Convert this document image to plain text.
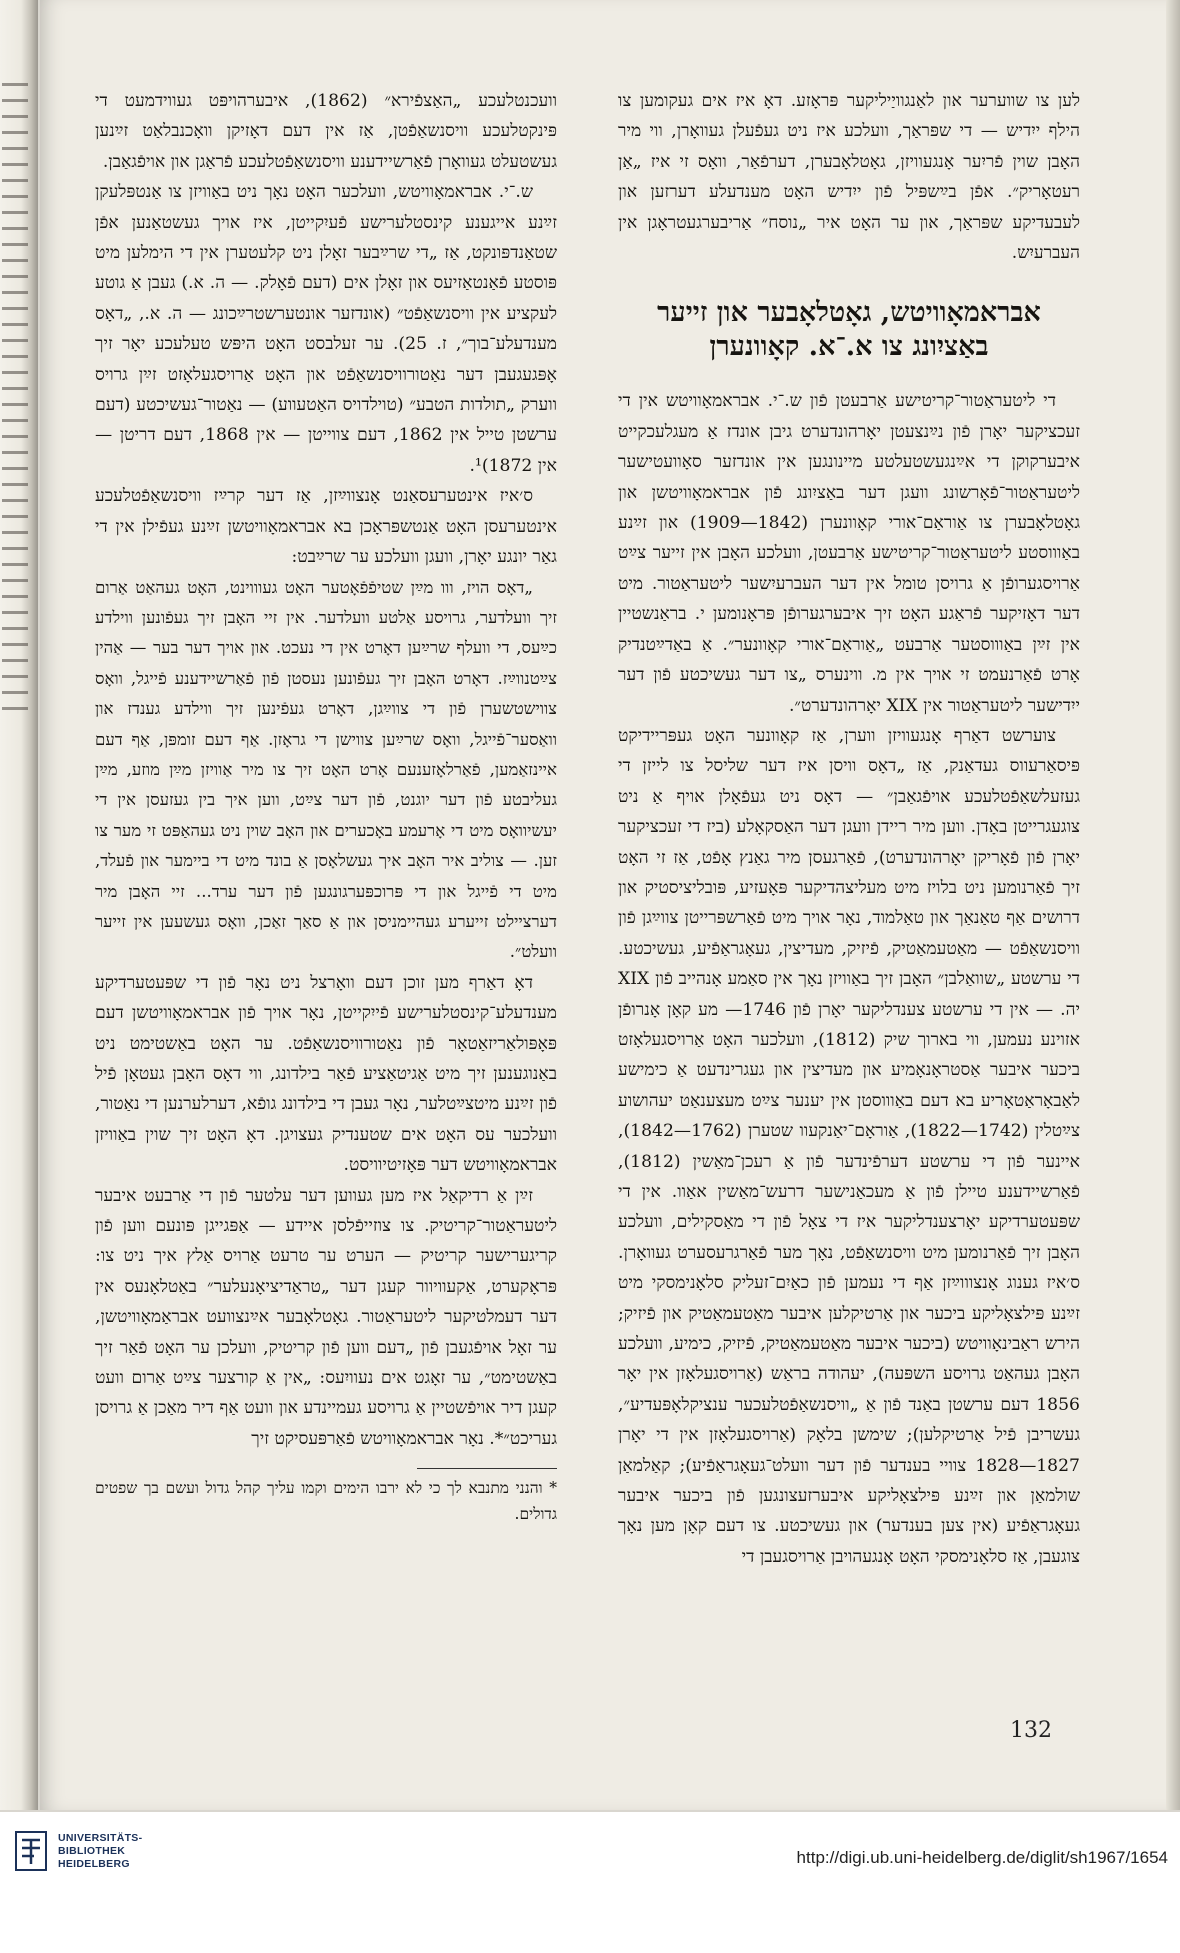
לען צו שווערער און לאַנגוויַיליקער פּראָזע. דאָ איז אים געקומען צו הילף ייִדיש — די שפּראַך, וועלכע איז ניט געפֿעלן געוואָרן, ווי מיר האָבן שוין פֿריִער אָנגעוויזן, גאָטלאָבערן, דערפֿאַר, וואָס זי איז „אַן רעטאָריק״. אפֿן בײַשפּיל פֿון ייִדיש האָט מענדעלע דערזען און לעבעדיקע שפּראַך, און ער האָט איר „נוסח״ אַריבערגעטראָגן אין העברעיִש.

אבראמאָוויטש, גאָטלאָבער און זייער באַציִונג צו א.־א. קאָוונערן

די ליטעראַטור־קריטישע אַרבעטן פֿון ש.־י. אבראמאָוויטש אין די זעכציקער יאָרן פֿון נײַנצעטן יאָרהונדערט גיבן אונדז אַ מעגלעכקייט איבערקוקן די אײַנגעשטעלטע מיינונגען אין אונדזער סאָוועטישער ליטעראַטור־פֿאָרשונג וועגן דער באַציִונג פֿון אבראמאָוויטשן און גאָטלאָבערן צו אַוראַם־אורי קאָוונערן (1842—1909) און זײַנע באַוווסטע ליטעראַטור־קריטישע אַרבעטן, וועלכע האָבן אין זייער צײַט אַרויסגערופֿן אַ גרויסן טומל אין דער העברעיִשער ליטעראַטור. מיט דער דאָזיקער פֿראַגע האָט זיך איבערגערופֿן פּראָנומען י. בראַנשטיין אין זײַן באַוווסטער אַרבעט „אַוראַם־אורי קאָוונער״. אַ באַדײַטנדיק אָרט פֿאַרנעמט זי אויך אין מ. ווינערס „צו דער געשיכטע פֿון דער ייִדישער ליטעראַטור אין XIX יאָרהונדערט״.

צוערשט דאַרף אָנגעוויזן ווערן, אַז קאָוונער האָט געפּריידיקט פּיסאַרעווס געדאַנק, אַז „דאָס וויסן איז דער שליסל צו לייזן די געזעלשאַפֿטלעכע אויפֿגאַבן״ — דאָס ניט געפֿאָלן אויף אַ ניט צוגעגרייטן באָדן. ווען מיר ריידן וועגן דער האַסקאָלע (ביז די זעכציקער יאָרן פֿון פֿאָריקן יאָרהונדערט), פֿאַרגעסן מיר גאַנץ אָפֿט, אַז זי האָט זיך פֿאַרנומען ניט בלויז מיט מעליצהדיקער פּאָעזיע, פּובליציסטיק און דרושים אַף טאַנאַך און טאַלמוד, נאָר אויך מיט פֿאַרשפּרייטן צווײַגן פֿון וויסנשאַפֿט — מאַטעמאַטיק, פֿיזיק, מעדיצין, געאָגראַפֿיע, געשיכטע. די ערשטע „שוואַלבן״ האָבן זיך באַוויזן נאָך אין סאַמע אָנהייב פֿון XIX יה. — אין די ערשטע צענדליקער יאָרן פֿון 1746— מע קאָן אָנרופֿן אזוינע נעמען, ווי בארוך שיק (1812), וועלכער האָט אַרויסגעלאָזט ביכער איבער אַסטראָנאָמיע און מעדיצין און געגרינדעט אַ כימישע לאַבאָראַטאָריע בא דעם באַוווסטן אין יענער צײַט מעצענאַט יעהושוע צײַטלין (1742—1822), אַוראָם־יאַנקעוו שטערן (1762—1842), איינער פֿון די ערשטע דערפֿינדער פֿון אַ רעכן־מאַשין (1812), פֿאַרשיידענע טיילן פֿון אַ מעכאַנישער דרעש־מאַשין אאַוו. אין די שפּעטערדיקע יאָרצענדליקער איז די צאָל פֿון די מאַסקילים, וועלכע האָבן זיך פֿאַרנומען מיט וויסנשאַפֿט, נאָך מער פֿאַרגרעסערט געוואָרן. ס׳איז גענוג אָנצוווײַזן אַף די נעמען פֿון כאַיִם־זעליק סלאָנימסקי מיט זײַנע פּילצאָליקע ביכער און אַרטיקלען איבער מאַטעמאַטיק און פֿיזיק; הירש ראַבינאָוויטש (ביכער איבער מאַטעמאַטיק, פֿיזיק, כימיע, וועלכע האָבן געהאַט גרויסע השפּעה), יעהודה בראַש (אַרויסגעלאָזן אין יאָר 1856 דעם ערשטן באַנד פֿון אַ „וויסנשאַפֿטלעכער ענציקלאָפּעדיע״, געשריבן פֿיל אַרטיקלען); שימשן בלאָק (אַרויסגעלאָזן אין די יאָרן 1827—1828 צוויי בענדער פֿון דער וועלט־געאָגראַפֿיע); קאַלמאַן שולמאַן און זײַנע פּילצאָליקע איבערזעצונגען פֿון ביכער איבער געאָגראַפֿיע (אין צען בענדער) און געשיכטע. צו דעם קאָן מען נאָך צוגעבן, אַז סלאָנימסקי האָט אָנגעהויבן אַרויסגעבן די

וועכנטלעכע „האַצפֿירא״ (1862), איבערהויפּט געווידמעט די פּינקטלעכע וויסנשאַפֿטן, אַז אין דעם דאָזיקן וואָכנבלאַט זײַנען געשטעלט געוואָרן פֿאַרשיידענע וויסנשאַפֿטלעכע פֿראַגן און אויפֿגאַבן.

ש.־י. אבראמאָוויטש, וועלכער האָט נאָך ניט באַוויזן צו אַנטפּלעקן זײַנע אייגענע קינסטלערישע פֿעיִקייטן, איז אויך געשטאַנען אפֿן שטאַנדפּונקט, אַז „די שרײַבער זאָלן ניט קלעטערן אין די הימלען מיט פּוסטע פֿאַנטאַזיעס און זאָלן אים (דעם פֿאָלק. — ה. א.) געבן אַ גוטע לעקציע אין וויסנשאַפֿט״ (אונדזער אונטערשטרײַכונג — ה. א., „דאָס מענדעלע־בוך״, ז. 25). ער זעלבסט האָט היפּש טעלעכע יאָר זיך אָפּגעגעבן דער נאַטורוויסנשאַפֿט און האָט אַרויסגעלאָזט זײַן גרויס ווערק „תולדות הטבע״ (טוילדויס האַטעווע) — נאַטור־געשיכטע (דעם ערשטן טייל אין 1862, דעם צווייטן — אין 1868, דעם דריטן — אין 1872)¹.

ס׳איז אינטערעסאַנט אָנצווײַזן, אַז דער קרײַז וויסנשאַפֿטלעכע אינטערעסן האָט אַנטשפּראָכן בא אבראמאָוויטשן זײַנע געפֿילן אין די גאַר יונגע יאָרן, וועגן וועלכע ער שרײַבט:

„דאָס הויז, ווו מײַן שטיפֿפֿאָטער האָט געוווינט, האָט געהאַט אַרום זיך וועלדער, גרויסע אַלטע וועלדער. אין זיי האָבן זיך געפֿונען ווילדע כײַעס, די וועלף שרײַען דאָרט אין די נעכט. און אויך דער בער — אַהין צײַטנווײַז. דאָרט האָבן זיך געפֿונען נעסטן פֿון פֿאַרשיידענע פֿייגל, וואָס צווישטשערן פֿון די צווײַגן, דאָרט געפֿינען זיך ווילדע גענדז און וואַסער־פֿייגל, וואָס שרײַען צווישן די גראָזן. אַף דעם זומפּן, אַף דעם איינזאַמען, פֿאַרלאָזענעם אָרט האָט זיך צו מיר אַוויזן מײַן מוזע, מײַן געליבטע פֿון דער יוגנט, פֿון דער צײַט, ווען איך בין געזעסן אין די יעשיוואָס מיט די אָרעמע באָכערים און האָב שוין ניט געהאַפּט זי מער צו זען. — צוליב איר האָב איך געשלאָסן אַ בונד מיט די ביימער און פֿעלד, מיט די פֿייגל און די פּרוכפּערגונגען פֿון דער ערד... זיי האָבן מיר דערציילט זייערע געהיימניסן און אַ סאַך זאַכן, וואָס געשעען אין זייער וועלט״.

דאָ דאַרף מען זוכן דעם וואָרצל ניט נאָר פֿון די שפּעטערדיקע מענדעלע־קינסטלערישע פֿייִקייטן, נאָר אויך פֿון אבראמאָוויטשן דעם פּאָפּולאַריזאַטאָר פֿון נאַטורוויסנשאַפֿט. ער האָט באַשטימט ניט באַנוגענען זיך מיט אַגיטאַציע פֿאַר בילדונג, ווי דאָס האָבן געטאָן פֿיל פֿון זײַנע מיטצײַטלער, נאָר געבן די בילדונג גופֿא, דערלערנען די נאַטור, וועלכער עס האָט אים שטענדיק געצויגן. דאָ האָט זיך שוין באַוויזן אבראמאָוויטש דער פּאָזיטיוויסט.

זײַן אַ רדיקאַל איז מען געווען דער עלטער פֿון די אַרבעט איבער ליטעראַטור־קריטיק. צו צוזייפֿלסן איידע — אַפּגייגן פּונעם ווען פֿון קריגערישער קריטיק — הערט ער טרעט אַרויס אַלץ איך ניט צו: פּראָקערט, אַקעוויוור קעגן דער „טראַדיציאָנעלער״ באַטלאָנעס אין דער דעמלטיקער ליטעראַטור. גאָטלאָבער אײַנצוועט אבראַמאָוויטשן, ער זאָל אויפֿגעבן פֿון „דעם ווען פֿון קריטיק, וועלכן ער האָט פֿאַר זיך באַשטימט״, ער זאָגט אים נעוויִעס: „אין אַ קורצער צײַט אַרום וועט קעגן דיר אויפֿשטיין אַ גרויסע געמיינדע און וועט אַף דיר מאַכן אַ גרויסן געריכט״*. נאָר אבראמאָוויטש פֿאַרפּעסיקט זיך

* והנני מתנבא לך כי לא ירבו הימים וקמו עליך קהל גדול ועשם בך שפטים גדולים.

132
UNIVERSITÄTS-
BIBLIOTHEK
HEIDELBERG	http://digi.ub.uni-heidelberg.de/diglit/sh1967/1654
